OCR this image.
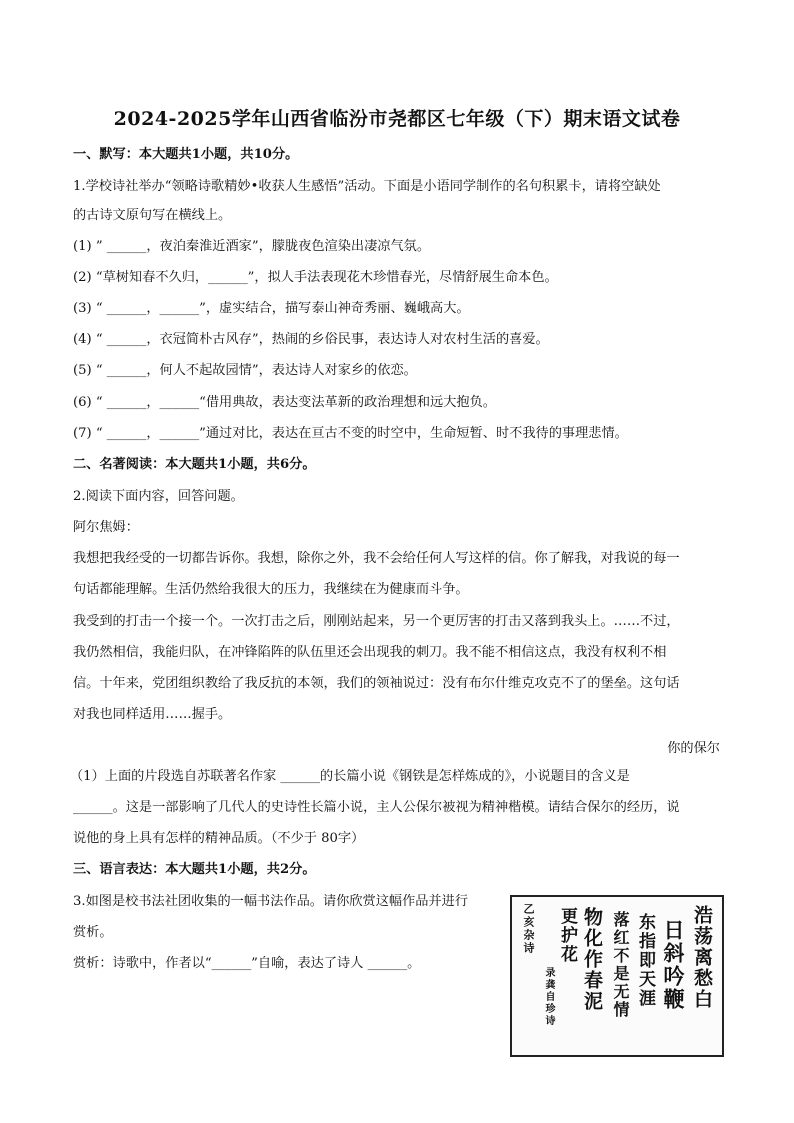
2024-2025学年山西省临汾市尧都区七年级（下）期末语文试卷
一、默写：本大题共1小题，共10分。
1.学校诗社举办“领略诗歌精妙•收获人生感悟”活动。下面是小语同学制作的名句积累卡，请将空缺处
的古诗文原句写在横线上。
(1) ” ______，夜泊秦淮近酒家”，朦胧夜色渲染出凄凉气氛。
(2) “草树知春不久归，______”，拟人手法表现花木珍惜春光，尽情舒展生命本色。
(3) “ ______，______”，虚实结合，描写泰山神奇秀丽、巍峨高大。
(4) “ ______，衣冠简朴古风存”，热闹的乡俗民事，表达诗人对农村生活的喜爱。
(5) “ ______，何人不起故园情”，表达诗人对家乡的依恋。
(6) “ ______，______“借用典故，表达变法革新的政治理想和远大抱负。
(7) “ ______，______”通过对比，表达在亘古不变的时空中，生命短暂、时不我待的事理悲情。
二、名著阅读：本大题共1小题，共6分。
2.阅读下面内容，回答问题。
阿尔焦姆：
我想把我经受的一切都告诉你。我想，除你之外，我不会给任何人写这样的信。你了解我，对我说的每一
句话都能理解。生活仍然给我很大的压力，我继续在为健康而斗争。
我受到的打击一个接一个。一次打击之后，刚刚站起来，另一个更厉害的打击又落到我头上。……不过，
我仍然相信，我能归队，在冲锋陷阵的队伍里还会出现我的刺刀。我不能不相信这点，我没有权利不相
信。十年来，党团组织教给了我反抗的本领，我们的领袖说过：没有布尔什维克攻克不了的堡垒。这句话
对我也同样适用……握手。
你的保尔
（1）上面的片段选自苏联著名作家 ______的长篇小说《钢铁是怎样炼成的》，小说题目的含义是
______。这是一部影响了几代人的史诗性长篇小说，主人公保尔被视为精神楷模。请结合保尔的经历，说
说他的身上具有怎样的精神品质。（不少于 80字）
三、语言表达：本大题共1小题，共2分。
3.如图是校书法社团收集的一幅书法作品。请你欣赏这幅作品并进行
赏析。
赏析：诗歌中，作者以“______”自喻，表达了诗人 ______。	浩荡离愁白
日斜吟鞭
东指即天涯
落红不是无情
物化作春泥
更护花
录龚自珍诗
乙亥杂诗
